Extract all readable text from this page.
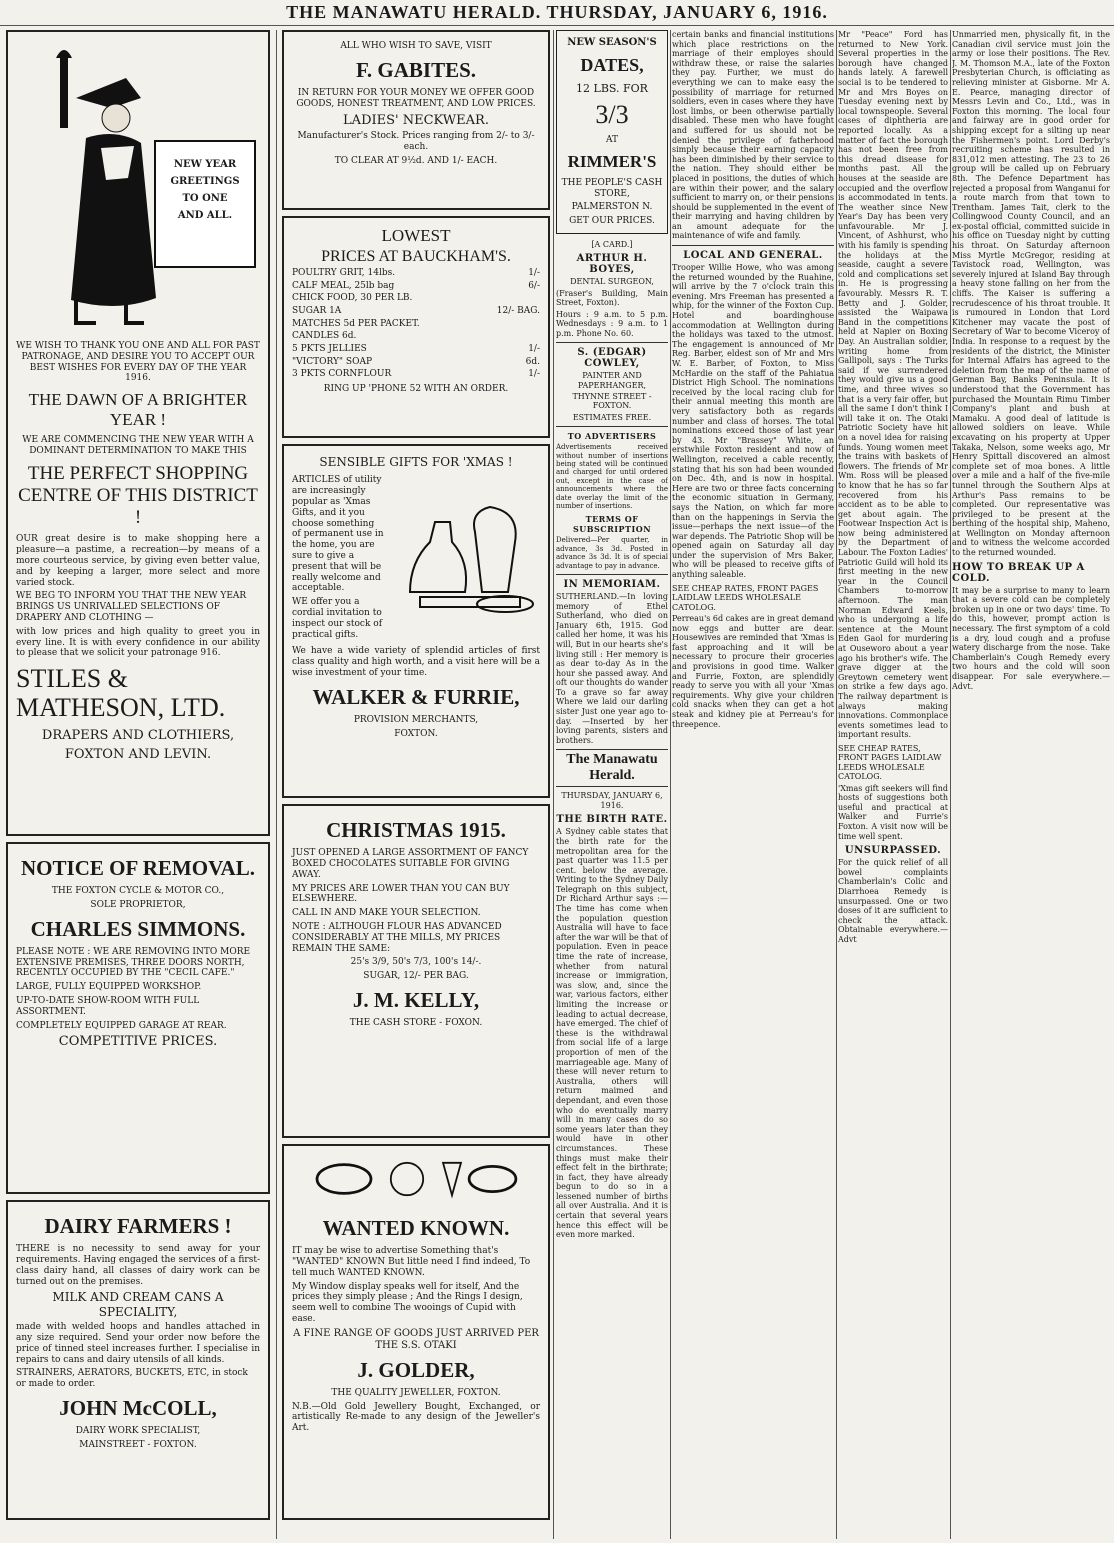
THE MANAWATU HERALD. THURSDAY, JANUARY 6, 1916.
NEW YEAR
GREETINGS
TO ONE
AND ALL.

WE WISH TO THANK YOU ONE AND ALL FOR PAST PATRONAGE, AND DESIRE YOU TO ACCEPT OUR BEST WISHES FOR EVERY DAY OF THE YEAR 1916.

THE DAWN OF A BRIGHTER YEAR !

WE ARE COMMENCING THE NEW YEAR WITH A DOMINANT DETERMINATION TO MAKE THIS

THE PERFECT SHOPPING CENTRE OF THIS DISTRICT !

OUR great desire is to make shopping here a pleasure—a pastime, a recreation—by means of a more courteous service, by giving even better value, and by keeping a larger, more select and more varied stock.

WE BEG TO INFORM YOU THAT THE NEW YEAR BRINGS US UNRIVALLED SELECTIONS OF DRAPERY AND CLOTHING —

with low prices and high quality to greet you in every line. It is with every confidence in our ability to please that we solicit your patronage 916.

STILES & MATHESON, LTD.

DRAPERS AND CLOTHIERS,

FOXTON AND LEVIN.

NOTICE OF REMOVAL.

THE FOXTON CYCLE & MOTOR CO.,

SOLE PROPRIETOR,

CHARLES SIMMONS.

PLEASE NOTE : WE ARE REMOVING INTO MORE EXTENSIVE PREMISES, THREE DOORS NORTH, RECENTLY OCCUPIED BY THE "CECIL CAFE."

LARGE, FULLY EQUIPPED WORKSHOP.

UP-TO-DATE SHOW-ROOM WITH FULL ASSORTMENT.

COMPLETELY EQUIPPED GARAGE AT REAR.

COMPETITIVE PRICES.

DAIRY FARMERS !

THERE is no necessity to send away for your requirements. Having engaged the services of a first-class dairy hand, all classes of dairy work can be turned out on the premises.

MILK AND CREAM CANS A SPECIALITY,

made with welded hoops and handles attached in any size required. Send your order now before the price of tinned steel increases further. I specialise in repairs to cans and dairy utensils of all kinds.

STRAINERS, AERATORS, BUCKETS, ETC, in stock or made to order.

JOHN McCOLL,

DAIRY WORK SPECIALIST,

MAINSTREET - FOXTON.

ALL WHO WISH TO SAVE, VISIT

F. GABITES.

IN RETURN FOR YOUR MONEY WE OFFER GOOD GOODS, HONEST TREATMENT, AND LOW PRICES.

LADIES' NECKWEAR.

Manufacturer's Stock. Prices ranging from 2/- to 3/- each.

TO CLEAR AT 9½d. AND 1/- EACH.

LOWEST
PRICES AT BAUCKHAM'S.
POULTRY GRIT, 14lbs.	1/-
CALF MEAL, 25lb bag	6/-
CHICK FOOD, 30 PER LB.
SUGAR 1A	12/- BAG.
MATCHES 5d PER PACKET.
CANDLES 6d.
5 PKTS JELLIES	1/-
"VICTORY" SOAP	6d.
3 PKTS CORNFLOUR	1/-

RING UP 'PHONE 52 WITH AN ORDER.

SENSIBLE GIFTS FOR 'XMAS !

ARTICLES of utility are increasingly popular as 'Xmas Gifts, and it you choose something of permanent use in the home, you are sure to give a present that will be really welcome and acceptable.

WE offer you a cordial invitation to inspect our stock of practical gifts.

We have a wide variety of splendid articles of first class quality and high worth, and a visit here will be a wise investment of your time.

WALKER & FURRIE,

PROVISION MERCHANTS,

FOXTON.

CHRISTMAS 1915.

JUST OPENED A LARGE ASSORTMENT OF FANCY BOXED CHOCOLATES SUITABLE FOR GIVING AWAY.

MY PRICES ARE LOWER THAN YOU CAN BUY ELSEWHERE.

CALL IN AND MAKE YOUR SELECTION.

NOTE : ALTHOUGH FLOUR HAS ADVANCED CONSIDERABLY AT THE MILLS, MY PRICES REMAIN THE SAME:

25's 3/9, 50's 7/3, 100's 14/-.

SUGAR, 12/- PER BAG.

J. M. KELLY,

THE CASH STORE - FOXON.

WANTED KNOWN.

IT may be wise to advertise Something that's "WANTED" KNOWN But little need I find indeed, To tell much WANTED KNOWN.

My Window display speaks well for itself, And the prices they simply please ; And the Rings I design, seem well to combine The wooings of Cupid with ease.

A FINE RANGE OF GOODS JUST ARRIVED PER THE S.S. OTAKI

J. GOLDER,

THE QUALITY JEWELLER, FOXTON.

N.B.—Old Gold Jewellery Bought, Exchanged, or artistically Re-made to any design of the Jeweller's Art.

NEW SEASON'S

DATES,

12 LBS. FOR

3/3

AT

RIMMER'S

THE PEOPLE'S CASH STORE,

PALMERSTON N.

GET OUR PRICES.

[A CARD.]

ARTHUR H. BOYES,

DENTAL SURGEON,

(Fraser's Building, Main Street, Foxton).

Hours : 9 a.m. to 5 p.m. Wednesdays : 9 a.m. to 1 p.m. Phone No. 60.

S. (EDGAR) COWLEY,

PAINTER AND PAPERHANGER,

THYNNE STREET - FOXTON.

ESTIMATES FREE.

TO ADVERTISERS

Advertisements received without number of insertions being stated will be continued and charged for until ordered out, except in the case of announcements where the date overlay the limit of the number of insertions.

TERMS OF SUBSCRIPTION

Delivered—Per quarter, in advance, 3s 3d. Posted in advance 3s 3d. It is of special advantage to pay in advance.

IN MEMORIAM.

SUTHERLAND.—In loving memory of Ethel Sutherland, who died on January 6th, 1915. God called her home, it was his will, But in our hearts she's living still : Her memory is as dear to-day As in the hour she passed away. And oft our thoughts do wander To a grave so far away Where we laid our darling sister Just one year ago to-day. —Inserted by her loving parents, sisters and brothers.

The Manawatu Herald.

THURSDAY, JANUARY 6, 1916.

THE BIRTH RATE.

A Sydney cable states that the birth rate for the metropolitan area for the past quarter was 11.5 per cent. below the average. Writing to the Sydney Daily Telegraph on this subject, Dr Richard Arthur says :— The time has come when the population question Australia will have to face after the war will be that of population. Even in peace time the rate of increase, whether from natural increase or immigration, was slow, and, since the war, various factors, either limiting the increase or leading to actual decrease, have emerged. The chief of these is the withdrawal from social life of a large proportion of men of the marriageable age. Many of these will never return to Australia, others will return maimed and dependant, and even those who do eventually marry will in many cases do so some years later than they would have in other circumstances. These things must make their effect felt in the birthrate; in fact, they have already begun to do so in a lessened number of births all over Australia. And it is certain that several years hence this effect will be even more marked.

certain banks and financial institutions which place restrictions on the marriage of their employes should withdraw these, or raise the salaries they pay. Further, we must do everything we can to make easy the possibility of marriage for returned soldiers, even in cases where they have lost limbs, or been otherwise partially disabled. These men who have fought and suffered for us should not be denied the privilege of fatherhood simply because their earning capacity has been diminished by their service to the nation. They should either be placed in positions, the duties of which are within their power, and the salary sufficient to marry on, or their pensions should be supplemented in the event of their marrying and having children by an amount adequate for the maintenance of wife and family.

LOCAL AND GENERAL.

Trooper Willie Howe, who was among the returned wounded by the Ruahine, will arrive by the 7 o'clock train this evening. Mrs Freeman has presented a whip, for the winner of the Foxton Cup. Hotel and boardinghouse accommodation at Wellington during the holidays was taxed to the utmost. The engagement is announced of Mr Reg. Barber, eldest son of Mr and Mrs W. E. Barber, of Foxton, to Miss McHardie on the staff of the Pahiatua District High School. The nominations received by the local racing club for their annual meeting this month are very satisfactory both as regards number and class of horses. The total nominations exceed those of last year by 43. Mr "Brassey" White, an erstwhile Foxton resident and now of Wellington, received a cable recently, stating that his son had been wounded on Dec. 4th, and is now in hospital. Here are two or three facts concerning the economic situation in Germany, says the Nation, on which far more than on the happenings in Servia the issue—perhaps the next issue—of the war depends. The Patriotic Shop will be opened again on Saturday all day under the supervision of Mrs Baker, who will be pleased to receive gifts of anything saleable.

SEE CHEAP RATES, FRONT PAGES LAIDLAW LEEDS WHOLESALE CATOLOG.

Perreau's 6d cakes are in great demand now eggs and butter are dear. Housewives are reminded that 'Xmas is fast approaching and it will be necessary to procure their groceries and provisions in good time. Walker and Furrie, Foxton, are splendidly ready to serve you with all your 'Xmas requirements. Why give your children cold snacks when they can get a hot steak and kidney pie at Perreau's for threepence.

Mr "Peace" Ford has returned to New York. Several properties in the borough have changed hands lately. A farewell social is to be tendered to Mr and Mrs Boyes on Tuesday evening next by local townspeople. Several cases of diphtheria are reported locally. As a matter of fact the borough has not been free from this dread disease for months past. All the houses at the seaside are occupied and the overflow is accommodated in tents. The weather since New Year's Day has been very unfavourable. Mr J. Vincent, of Ashhurst, who with his family is spending the holidays at the seaside, caught a severe cold and complications set in. He is progressing favourably. Messrs R. T. Betty and J. Golder, assisted the Waipawa Band in the competitions held at Napier on Boxing Day. An Australian soldier, writing home from Gallipoli, says : The Turks said if we surrendered they would give us a good time, and three wives so that is a very fair offer, but all the same I don't think I will take it on. The Otaki Patriotic Society have hit on a novel idea for raising funds. Young women meet the trains with baskets of flowers. The friends of Mr Wm. Ross will be pleased to know that he has so far recovered from his accident as to be able to get about again. The Footwear Inspection Act is now being administered by the Department of Labour. The Foxton Ladies' Patriotic Guild will hold its first meeting in the new year in the Council Chambers to-morrow afternoon. The man Norman Edward Keels, who is undergoing a life sentence at the Mount Eden Gaol for murdering at Ouseworo about a year ago his brother's wife. The grave digger at the Greytown cemetery went on strike a few days ago. The railway department is always making innovations. Commonplace events sometimes lead to important results.

SEE CHEAP RATES, FRONT PAGES LAIDLAW LEEDS WHOLESALE CATOLOG.

'Xmas gift seekers will find hosts of suggestions both useful and practical at Walker and Furrie's Foxton. A visit now will be time well spent.

UNSURPASSED.

For the quick relief of all bowel complaints Chamberlain's Colic and Diarrhoea Remedy is unsurpassed. One or two doses of it are sufficient to check the attack. Obtainable everywhere.—Advt

Unmarried men, physically fit, in the Canadian civil service must join the army or lose their positions. The Rev. J. M. Thomson M.A., late of the Foxton Presbyterian Church, is officiating as relieving minister at Gisborne. Mr A. E. Pearce, managing director of Messrs Levin and Co., Ltd., was in Foxton this morning. The local four and fairway are in good order for shipping except for a silting up near the Fishermen's point. Lord Derby's recruiting scheme has resulted in 831,012 men attesting. The 23 to 26 group will be called up on February 8th. The Defence Department has rejected a proposal from Wanganui for a route march from that town to Trentham. James Tait, clerk to the Collingwood County Council, and an ex-postal official, committed suicide in his office on Tuesday night by cutting his throat. On Saturday afternoon Miss Myrtle McGregor, residing at Tavistock road, Wellington, was severely injured at Island Bay through a heavy stone falling on her from the cliffs. The Kaiser is suffering a recrudescence of his throat trouble. It is rumoured in London that Lord Kitchener may vacate the post of Secretary of War to become Viceroy of India. In response to a request by the residents of the district, the Minister for Internal Affairs has agreed to the deletion from the map of the name of German Bay, Banks Peninsula. It is understood that the Government has purchased the Mountain Rimu Timber Company's plant and bush at Mamaku. A good deal of latitude is allowed soldiers on leave. While excavating on his property at Upper Takaka, Nelson, some weeks ago, Mr Henry Spittall discovered an almost complete set of moa bones. A little over a mile and a half of the five-mile tunnel through the Southern Alps at Arthur's Pass remains to be completed. Our representative was privileged to be present at the berthing of the hospital ship, Maheno, at Wellington on Monday afternoon and to witness the welcome accorded to the returned wounded.

HOW TO BREAK UP A COLD.

It may be a surprise to many to learn that a severe cold can be completely broken up in one or two days' time. To do this, however, prompt action is necessary. The first symptom of a cold is a dry, loud cough and a profuse watery discharge from the nose. Take Chamberlain's Cough Remedy every two hours and the cold will soon disappear. For sale everywhere.—Advt.
